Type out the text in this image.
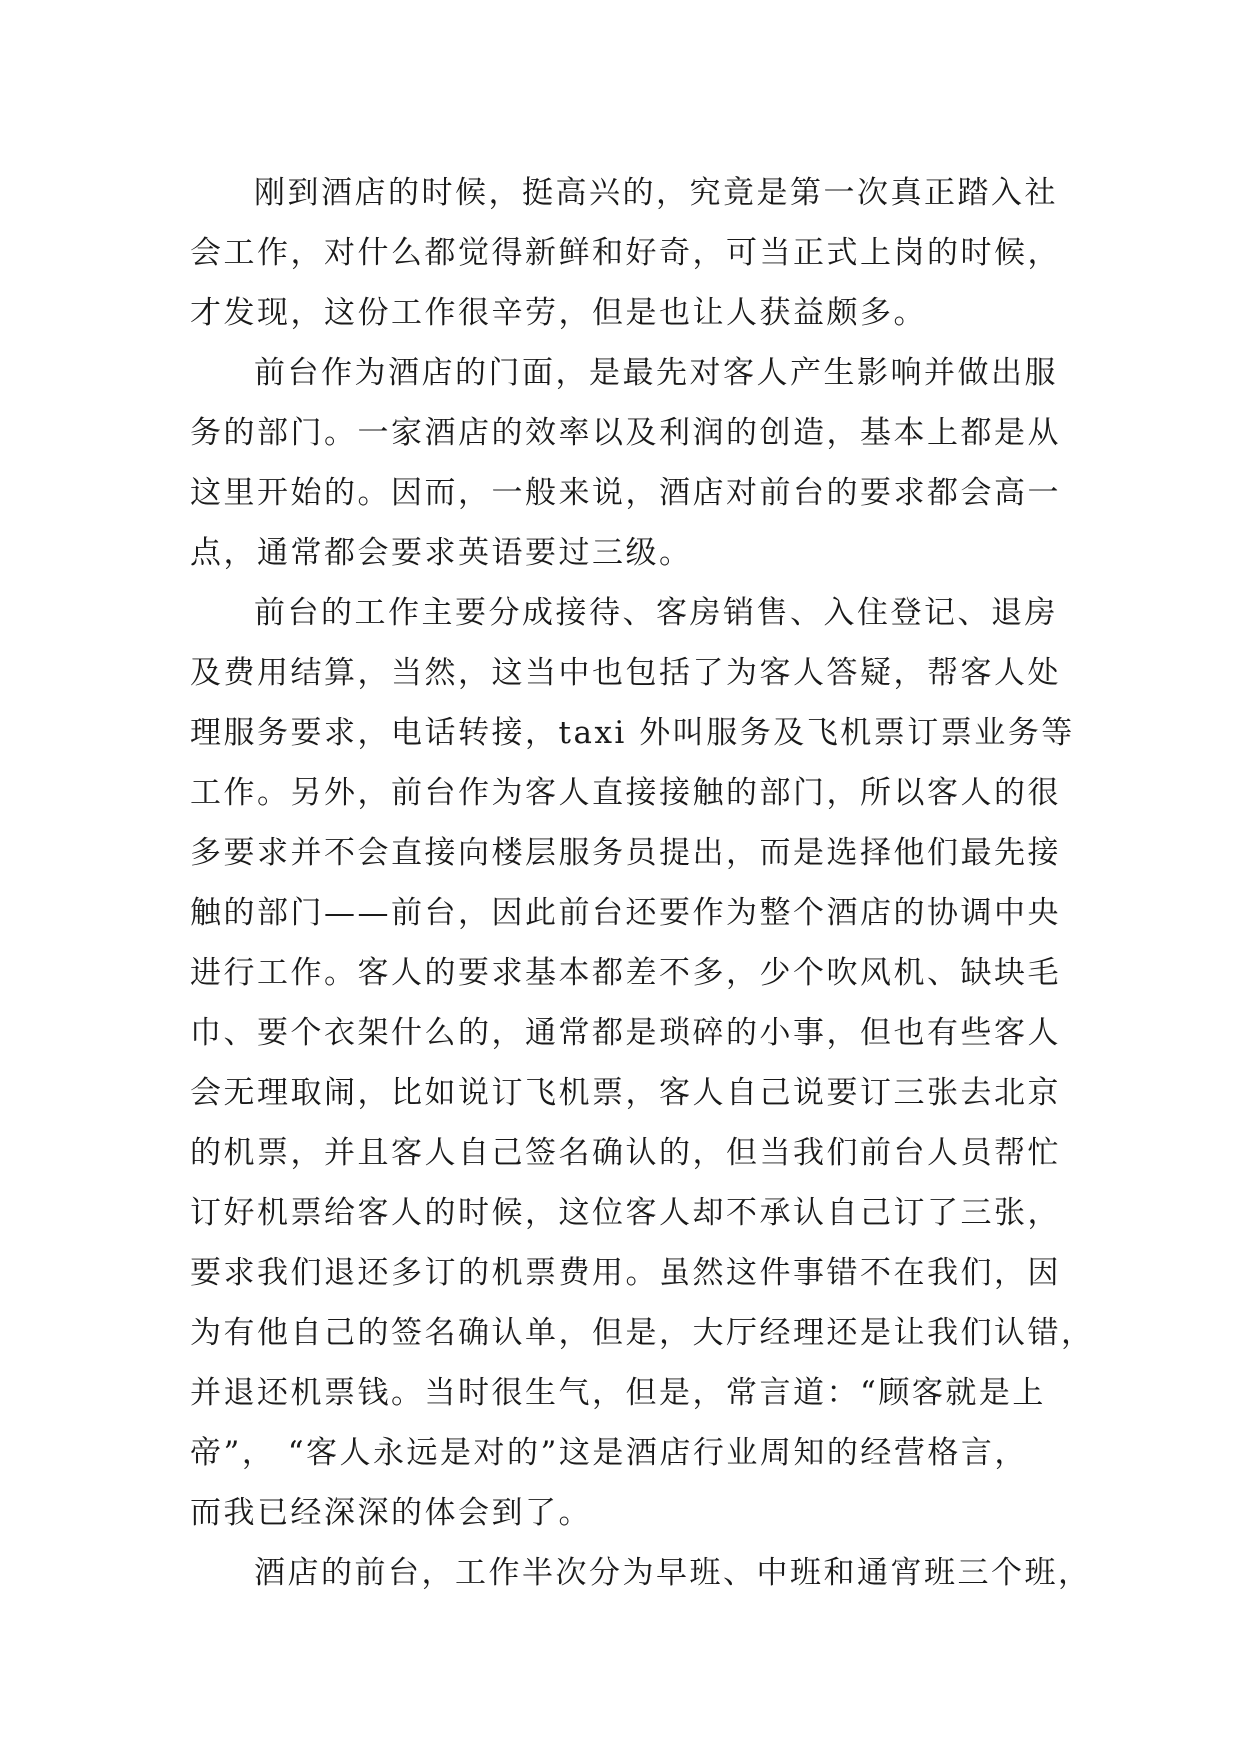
刚到酒店的时候，挺高兴的，究竟是第一次真正踏入社
会工作，对什么都觉得新鲜和好奇，可当正式上岗的时候，
才发现，这份工作很辛劳，但是也让人获益颇多。
前台作为酒店的门面，是最先对客人产生影响并做出服
务的部门。一家酒店的效率以及利润的创造，基本上都是从
这里开始的。因而，一般来说，酒店对前台的要求都会高一
点，通常都会要求英语要过三级。
前台的工作主要分成接待、客房销售、入住登记、退房
及费用结算，当然，这当中也包括了为客人答疑，帮客人处
理服务要求，电话转接，taxi 外叫服务及飞机票订票业务等
工作。另外，前台作为客人直接接触的部门，所以客人的很
多要求并不会直接向楼层服务员提出，而是选择他们最先接
触的部门——前台，因此前台还要作为整个酒店的协调中央
进行工作。客人的要求基本都差不多，少个吹风机、缺块毛
巾、要个衣架什么的，通常都是琐碎的小事，但也有些客人
会无理取闹，比如说订飞机票，客人自己说要订三张去北京
的机票，并且客人自己签名确认的，但当我们前台人员帮忙
订好机票给客人的时候，这位客人却不承认自己订了三张，
要求我们退还多订的机票费用。虽然这件事错不在我们，因
为有他自己的签名确认单，但是，大厅经理还是让我们认错，
并退还机票钱。当时很生气，但是，常言道：“顾客就是上
帝”， “客人永远是对的”这是酒店行业周知的经营格言，
而我已经深深的体会到了。
酒店的前台，工作半次分为早班、中班和通宵班三个班，
